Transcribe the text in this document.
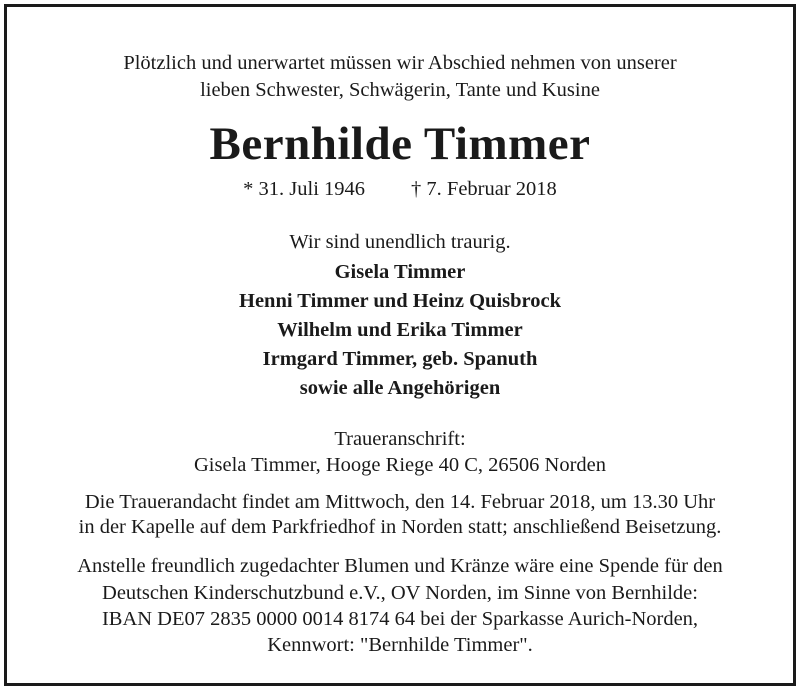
Plötzlich und unerwartet müssen wir Abschied nehmen von unserer
lieben Schwester, Schwägerin, Tante und Kusine
Bernhilde Timmer
* 31. Juli 1946 † 7. Februar 2018
Wir sind unendlich traurig.
Gisela Timmer
Henni Timmer und Heinz Quisbrock
Wilhelm und Erika Timmer
Irmgard Timmer, geb. Spanuth
sowie alle Angehörigen
Traueranschrift:
Gisela Timmer, Hooge Riege 40 C, 26506 Norden
Die Trauerandacht findet am Mittwoch, den 14. Februar 2018, um 13.30 Uhr
in der Kapelle auf dem Parkfriedhof in Norden statt; anschließend Beisetzung.
Anstelle freundlich zugedachter Blumen und Kränze wäre eine Spende für den
Deutschen Kinderschutzbund e.V., OV Norden, im Sinne von Bernhilde:
IBAN DE07 2835 0000 0014 8174 64 bei der Sparkasse Aurich-Norden,
Kennwort: "Bernhilde Timmer".
